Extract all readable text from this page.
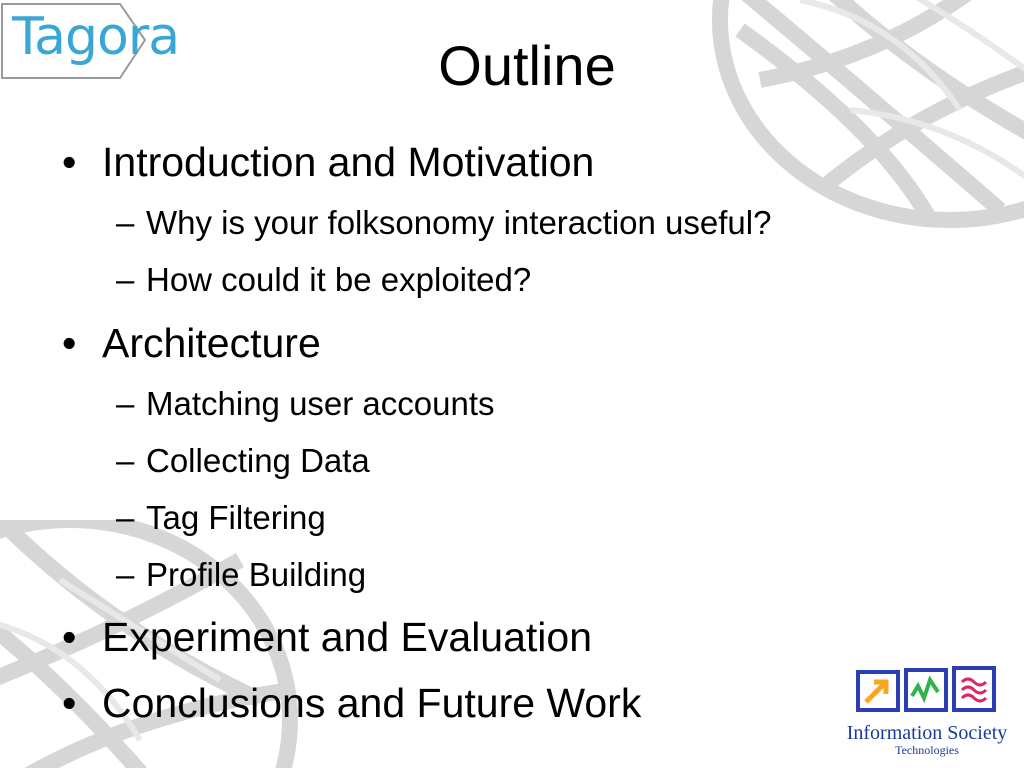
Tagora	Outline
• Introduction and Motivation
– Why is your folksonomy interaction useful?
– How could it be exploited?
• Architecture
– Matching user accounts
– Collecting Data
– Tag Filtering
– Profile Building
• Experiment and Evaluation
• Conclusions and Future Work
Information Society
Technologies
